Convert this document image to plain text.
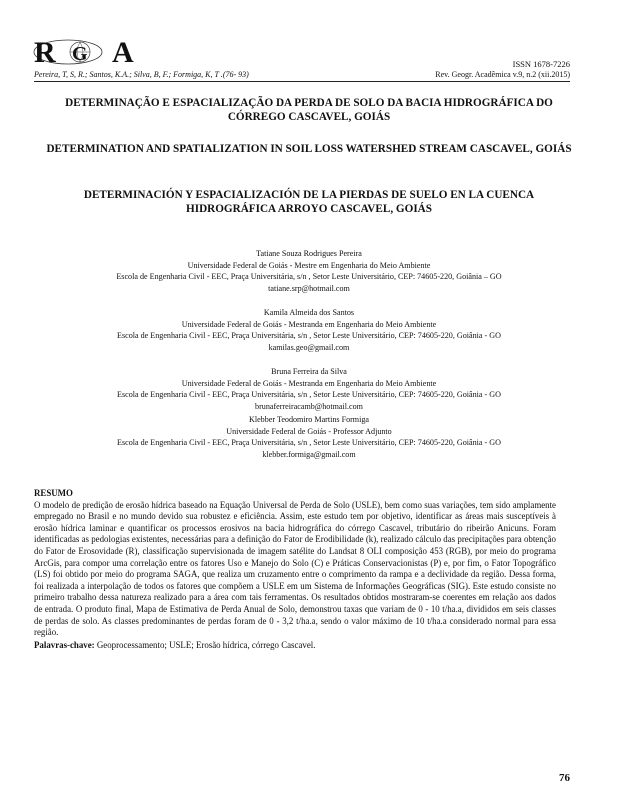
R A
G	ISSN 1678-7226
Pereira, T, S, R.; Santos, K.A.; Silva, B, F.; Formiga, K, T .(76- 93)	Rev. Geogr. Acadêmica v.9, n.2 (xii.2015)
DETERMINAÇÃO E ESPACIALIZAÇÃO DA PERDA DE SOLO DA BACIA HIDROGRÁFICA DO CÓRREGO CASCAVEL, GOIÁS
DETERMINATION AND SPATIALIZATION IN SOIL LOSS WATERSHED STREAM CASCAVEL, GOIÁS
DETERMINACIÓN Y ESPACIALIZACIÓN DE LA PIERDAS DE SUELO EN LA CUENCA HIDROGRÁFICA ARROYO CASCAVEL, GOIÁS
Tatiane Souza Rodrigues Pereira
Universidade Federal de Goiás - Mestre em Engenharia do Meio Ambiente
Escola de Engenharia Civil - EEC, Praça Universitária, s/n , Setor Leste Universitário, CEP: 74605-220, Goiânia – GO
tatiane.srp@hotmail.com
Kamila Almeida dos Santos
Universidade Federal de Goiás - Mestranda em Engenharia do Meio Ambiente
Escola de Engenharia Civil - EEC, Praça Universitária, s/n , Setor Leste Universitário, CEP: 74605-220, Goiânia - GO
kamilas.geo@gmail.com
Bruna Ferreira da Silva
Universidade Federal de Goiás - Mestranda em Engenharia do Meio Ambiente
Escola de Engenharia Civil - EEC, Praça Universitária, s/n , Setor Leste Universitário, CEP: 74605-220, Goiânia - GO
brunaferreiracamb@hotmail.com
Klebber Teodomiro Martins Formiga
Universidade Federal de Goiás - Professor Adjunto
Escola de Engenharia Civil - EEC, Praça Universitária, s/n , Setor Leste Universitário, CEP: 74605-220, Goiânia - GO
klebber.formiga@gmail.com
RESUMO
O modelo de predição de erosão hídrica baseado na Equação Universal de Perda de Solo (USLE), bem como suas variações, tem sido amplamente empregado no Brasil e no mundo devido sua robustez e eficiência. Assim, este estudo tem por objetivo, identificar as áreas mais susceptíveis à erosão hídrica laminar e quantificar os processos erosivos na bacia hidrográfica do córrego Cascavel, tributário do ribeirão Anicuns. Foram identificadas as pedologias existentes, necessárias para a definição do Fator de Erodibilidade (k), realizado cálculo das precipitações para obtenção do Fator de Erosovidade (R), classificação supervisionada de imagem satélite do Landsat 8 OLI composição 453 (RGB), por meio do programa ArcGis, para compor uma correlação entre os fatores Uso e Manejo do Solo (C) e Práticas Conservacionistas (P) e, por fim, o Fator Topográfico (LS) foi obtido por meio do programa SAGA, que realiza um cruzamento entre o comprimento da rampa e a declividade da região. Dessa forma, foi realizada a interpolação de todos os fatores que compõem a USLE em um Sistema de Informações Geográficas (SIG). Este estudo consiste no primeiro trabalho dessa natureza realizado para a área com tais ferramentas. Os resultados obtidos mostraram-se coerentes em relação aos dados de entrada. O produto final, Mapa de Estimativa de Perda Anual de Solo, demonstrou taxas que variam de 0 - 10 t/ha.a, divididos em seis classes de perdas de solo. As classes predominantes de perdas foram de 0 - 3,2 t/ha.a, sendo o valor máximo de 10 t/ha.a considerado normal para essa região.
Palavras-chave: Geoprocessamento; USLE; Erosão hídrica, córrego Cascavel.
76
